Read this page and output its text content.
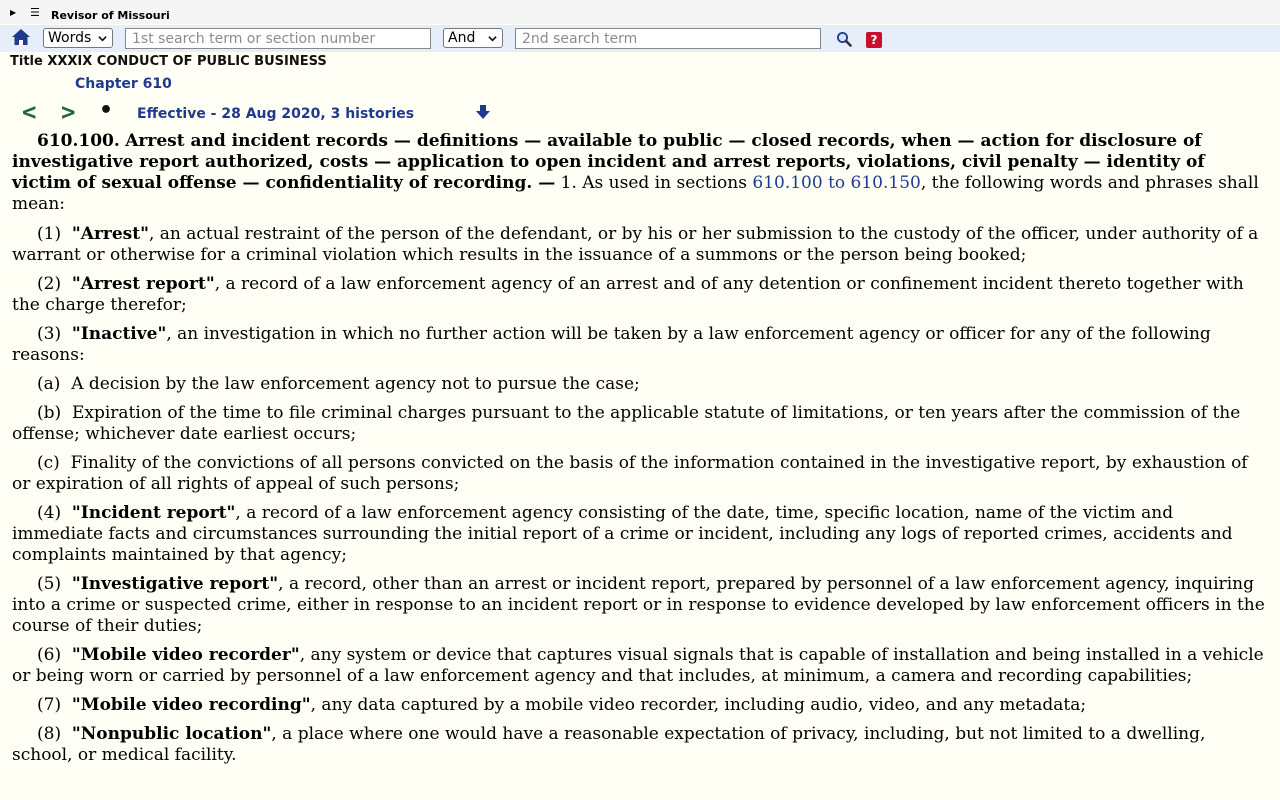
▶ ☰ Revisor of Missouri
Words
1st search term or section number	And
2nd search term	?
Title XXXIX CONDUCT OF PUBLIC BUSINESS
Chapter 610
< > • Effective - 28 Aug 2020, 3 histories

610.100. Arrest and incident records — definitions — available to public — closed records, when — action for disclosure of investigative report authorized, costs — application to open incident and arrest reports, violations, civil penalty — identity of victim of sexual offense — confidentiality of recording. — 1. As used in sections 610.100 to 610.150, the following words and phrases shall mean:

(1) "Arrest", an actual restraint of the person of the defendant, or by his or her submission to the custody of the officer, under authority of a warrant or otherwise for a criminal violation which results in the issuance of a summons or the person being booked;

(2) "Arrest report", a record of a law enforcement agency of an arrest and of any detention or confinement incident thereto together with the charge therefor;

(3) "Inactive", an investigation in which no further action will be taken by a law enforcement agency or officer for any of the following reasons:

(a) A decision by the law enforcement agency not to pursue the case;

(b) Expiration of the time to file criminal charges pursuant to the applicable statute of limitations, or ten years after the commission of the offense; whichever date earliest occurs;

(c) Finality of the convictions of all persons convicted on the basis of the information contained in the investigative report, by exhaustion of or expiration of all rights of appeal of such persons;

(4) "Incident report", a record of a law enforcement agency consisting of the date, time, specific location, name of the victim and immediate facts and circumstances surrounding the initial report of a crime or incident, including any logs of reported crimes, accidents and complaints maintained by that agency;

(5) "Investigative report", a record, other than an arrest or incident report, prepared by personnel of a law enforcement agency, inquiring into a crime or suspected crime, either in response to an incident report or in response to evidence developed by law enforcement officers in the course of their duties;

(6) "Mobile video recorder", any system or device that captures visual signals that is capable of installation and being installed in a vehicle or being worn or carried by personnel of a law enforcement agency and that includes, at minimum, a camera and recording capabilities;

(7) "Mobile video recording", any data captured by a mobile video recorder, including audio, video, and any metadata;

(8) "Nonpublic location", a place where one would have a reasonable expectation of privacy, including, but not limited to a dwelling, school, or medical facility.
